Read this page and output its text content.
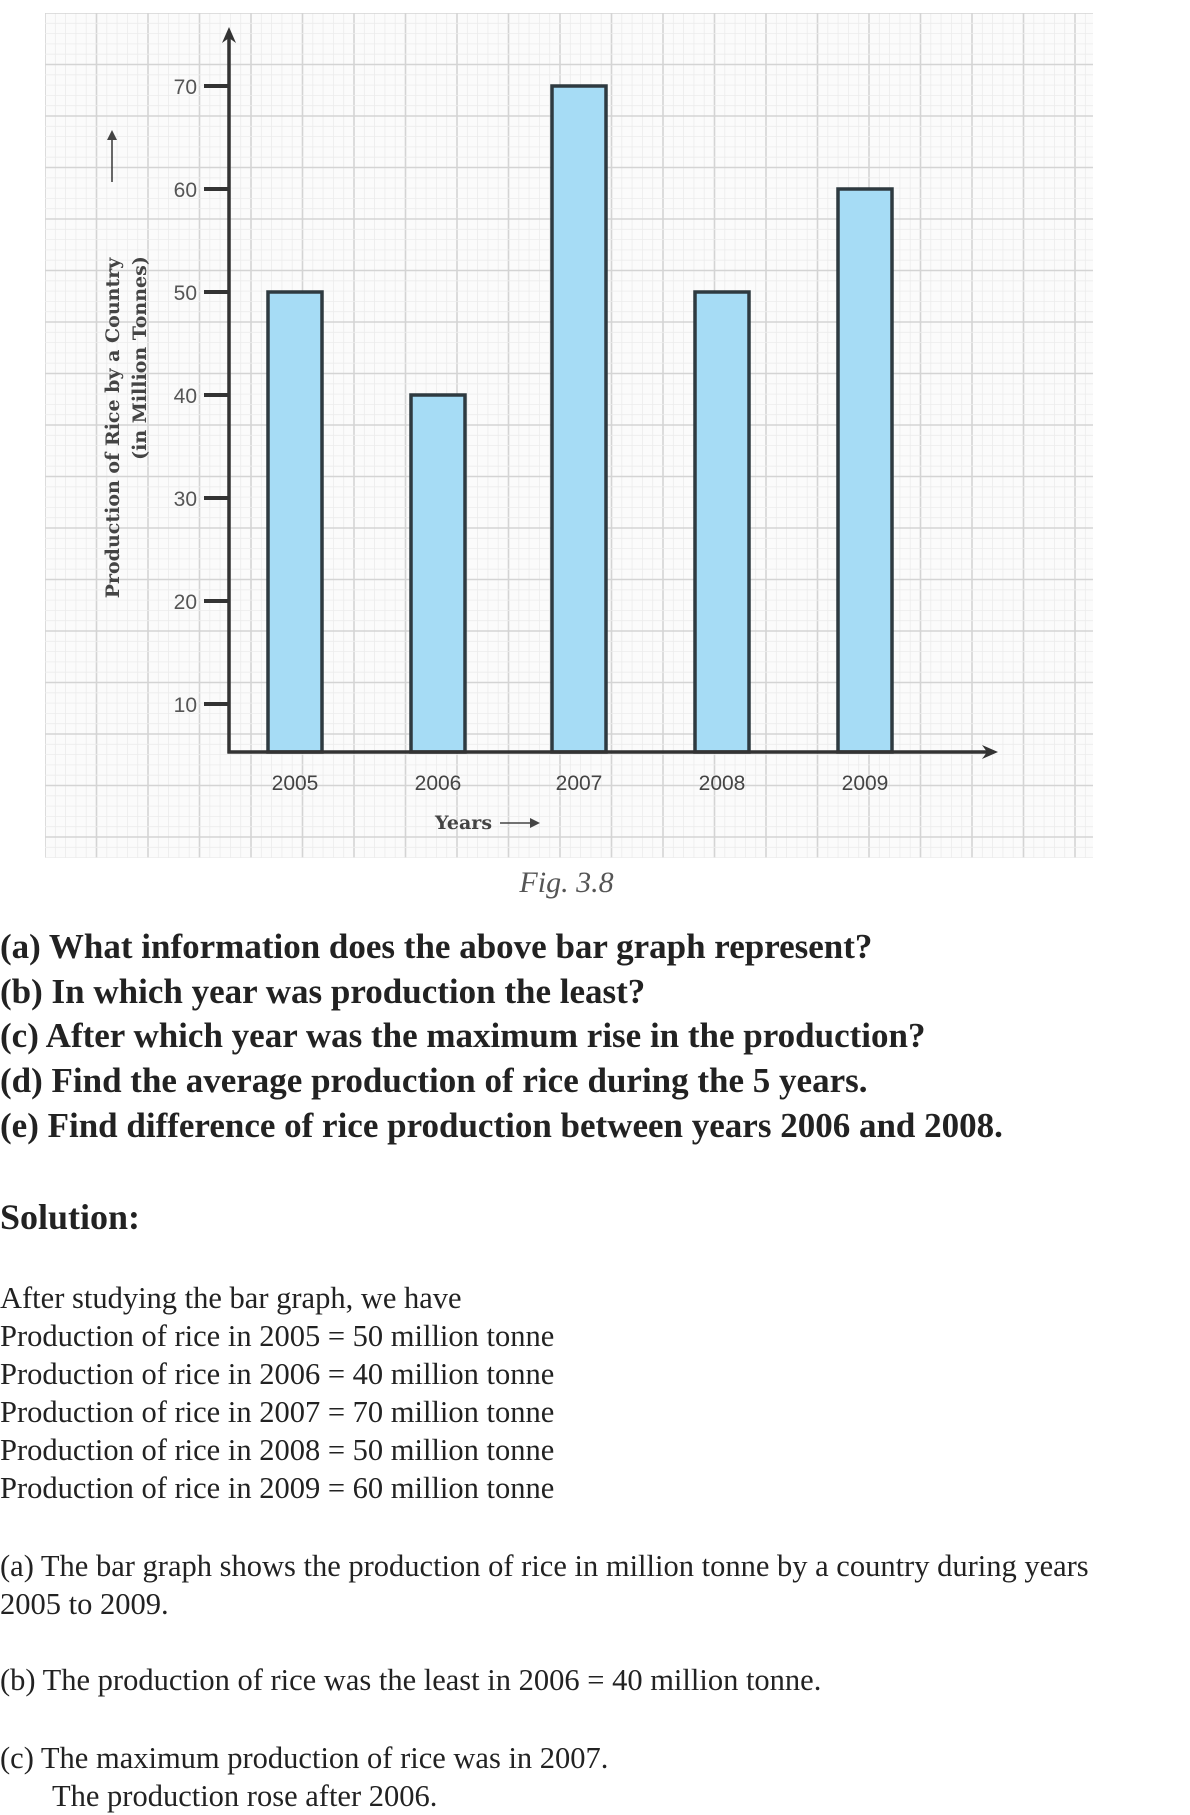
2005	2006	2007	2008	2009
10
20
30
40
50
60
70
Production of Rice by a Country (in Million Tonnes)
Years
Fig. 3.8
(a) What information does the above bar graph represent?
(b) In which year was production the least?
(c) After which year was the maximum rise in the production?
(d) Find the average production of rice during the 5 years.
(e) Find difference of rice production between years 2006 and 2008.
Solution:
After studying the bar graph, we have
Production of rice in 2005 = 50 million tonne
Production of rice in 2006 = 40 million tonne
Production of rice in 2007 = 70 million tonne
Production of rice in 2008 = 50 million tonne
Production of rice in 2009 = 60 million tonne
(a) The bar graph shows the production of rice in million tonne by a country during years
2005 to 2009.
(b) The production of rice was the least in 2006 = 40 million tonne.
(c) The maximum production of rice was in 2007.
The production rose after 2006.
